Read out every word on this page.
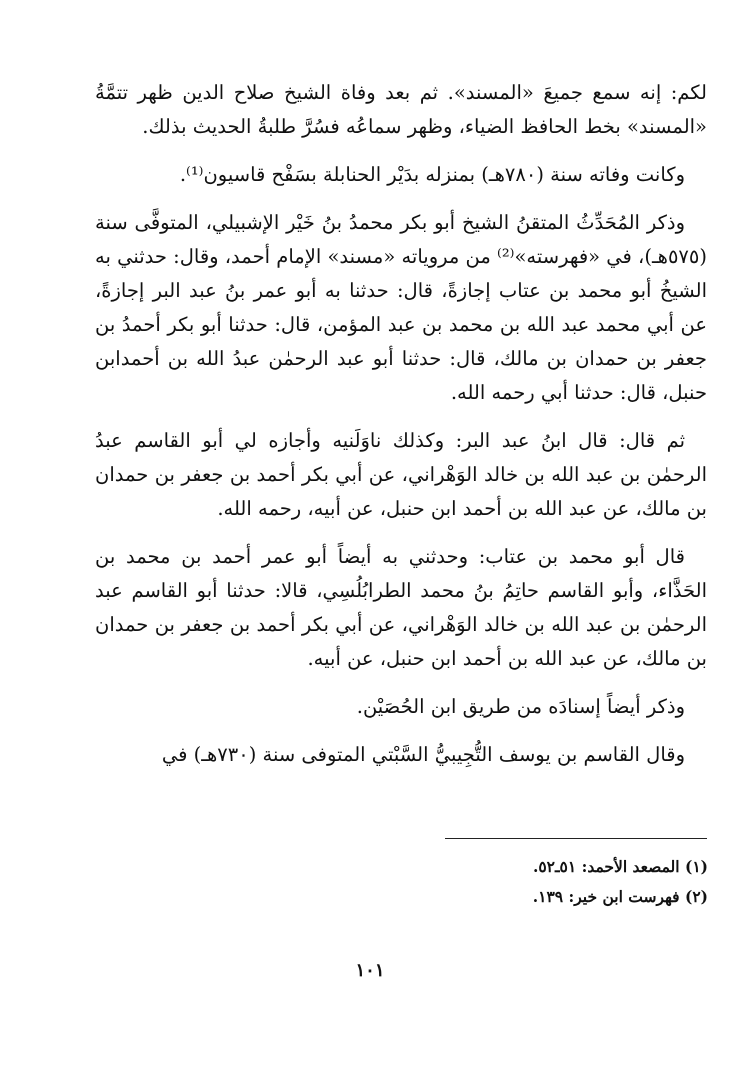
لكم: إنه سمع جميعَ «المسند». ثم بعد وفاة الشيخ صلاح الدين ظهر تتمَّةُ «المسند» بخط الحافظ الضياء، وظهر سماعُه فسُرَّ طلبةُ الحديث بذلك.

وكانت وفاته سنة (٧٨٠هـ) بمنزله بدَيْر الحنابلة بسَفْح قاسيون⁽¹⁾.

وذكر المُحَدِّثُ المتقنُ الشيخ أبو بكر محمدُ بنُ خَيْر الإشبيلي، المتوفَّى سنة (٥٧٥هـ)، في «فهرسته»⁽²⁾ من مروياته «مسند» الإمام أحمد، وقال: حدثني به الشيخُ أبو محمد بن عتاب إجازةً، قال: حدثنا به أبو عمر بنُ عبد البر إجازةً، عن أبي محمد عبد الله بن محمد بن عبد المؤمن، قال: حدثنا أبو بكر أحمدُ بن جعفر بن حمدان بن مالك، قال: حدثنا أبو عبد الرحمٰن عبدُ الله بن أحمدابن حنبل، قال: حدثنا أبي رحمه الله.

ثم قال: قال ابنُ عبد البر: وكذلك ناوَلَنيه وأجازه لي أبو القاسم عبدُ الرحمٰن بن عبد الله بن خالد الوَهْراني، عن أبي بكر أحمد بن جعفر بن حمدان بن مالك، عن عبد الله بن أحمد ابن حنبل، عن أبيه، رحمه الله.

قال أبو محمد بن عتاب: وحدثني به أيضاً أبو عمر أحمد بن محمد بن الحَذَّاء، وأبو القاسم حاتِمُ بنُ محمد الطرابُلُسِي، قالا: حدثنا أبو القاسم عبد الرحمٰن بن عبد الله بن خالد الوَهْراني، عن أبي بكر أحمد بن جعفر بن حمدان بن مالك، عن عبد الله بن أحمد ابن حنبل، عن أبيه.

وذكر أيضاً إسنادَه من طريق ابن الحُصَيْن.

وقال القاسم بن يوسف التُّجِيبيُّ السَّبْتي المتوفى سنة (٧٣٠هـ) في

(١) المصعد الأحمد: ٥١ـ٥٢.

(٢) فهرست ابن خير: ١٣٩.

١٠١
